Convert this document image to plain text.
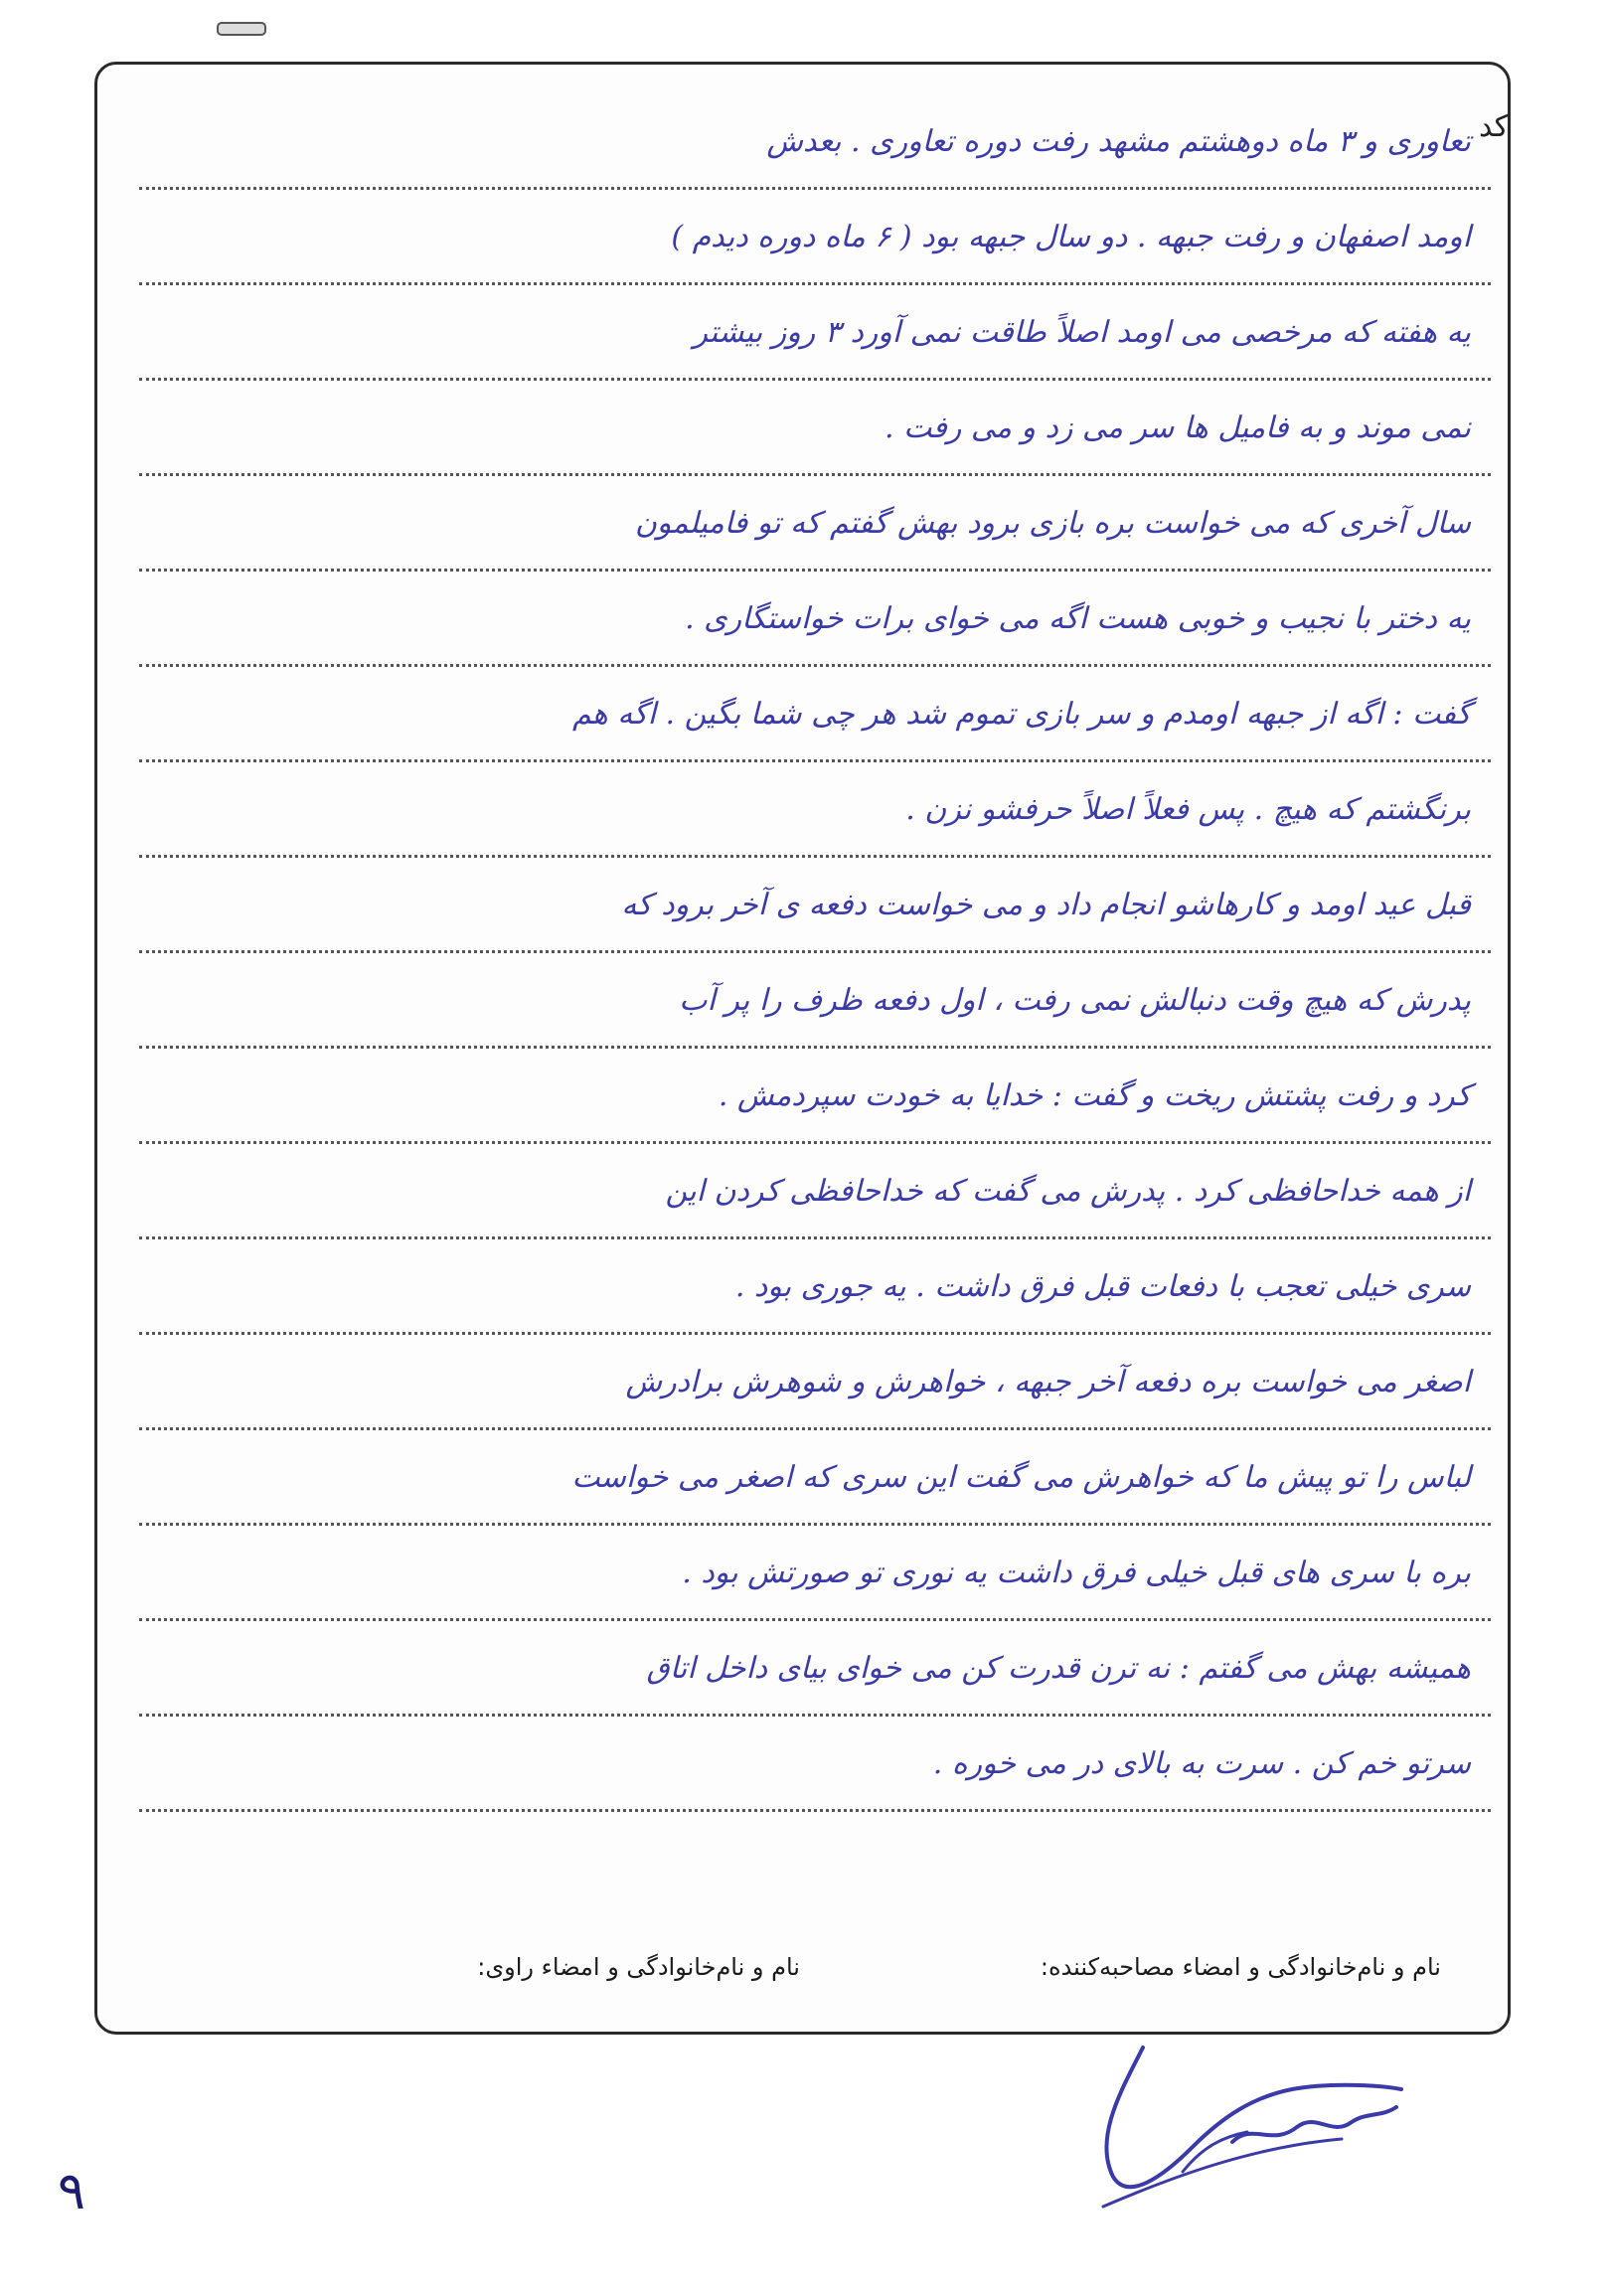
کد
تعاوری و ۳ ماه دوهشتم مشهد رفت دوره تعاوری . بعدش
اومد اصفهان و رفت جبهه . دو سال جبهه بود ( ۶ ماه دوره دیدم )
یه هفته که مرخصی می اومد اصلاً طاقت نمی آورد ۳ روز بیشتر
نمی موند و به فامیل ها سر می زد و می رفت .
سال آخری که می خواست بره بازی برود بهش گفتم که تو فامیلمون
یه دختر با نجیب و خوبی هست اگه می خوای برات خواستگاری .
گفت : اگه از جبهه اومدم و سر بازی تموم شد هر چی شما بگین . اگه هم
برنگشتم که هیچ . پس فعلاً اصلاً حرفشو نزن .
قبل عید اومد و کارهاشو انجام داد و می خواست دفعه ی آخر برود که
پدرش که هیچ وقت دنبالش نمی رفت ، اول دفعه ظرف را پر آب
کرد و رفت پشتش ریخت و گفت : خدایا به خودت سپردمش .
از همه خداحافظی کرد . پدرش می گفت که خداحافظی کردن این
سری خیلی تعجب با دفعات قبل فرق داشت . یه جوری بود .
اصغر می خواست بره دفعه آخر جبهه ، خواهرش و شوهرش برادرش
لباس را تو پیش ما که خواهرش می گفت این سری که اصغر می خواست
بره با سری های قبل خیلی فرق داشت یه نوری تو صورتش بود .
همیشه بهش می گفتم : نه ترن قدرت کن می خوای بیای داخل اتاق
سرتو خم کن . سرت به بالای در می خوره .
نام و نام‌خانوادگی و امضاء مصاحبه‌کننده:
نام و نام‌خانوادگی و امضاء راوی:
۹
